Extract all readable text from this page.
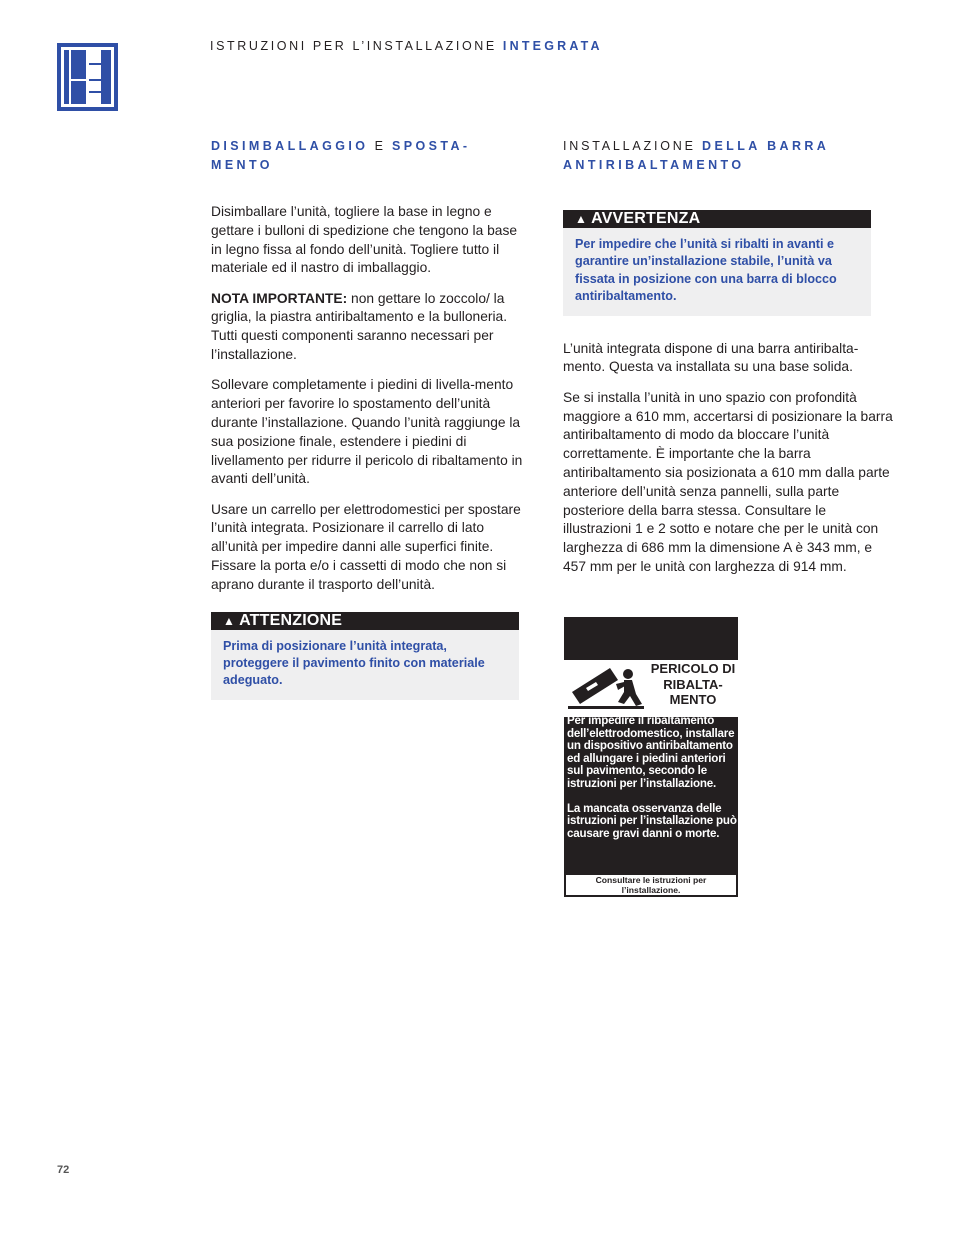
ISTRUZIONI PER L’INSTALLAZIONE INTEGRATA
DISIMBALLAGGIO E SPOSTA-
MENTO

Disimballare l’unità, togliere la base in legno e gettare i bulloni di spedizione che tengono la base in legno fissa al fondo dell’unità. Togliere tutto il materiale ed il nastro di imballaggio.

NOTA IMPORTANTE: non gettare lo zoccolo/ la griglia, la piastra antiribaltamento e la bulloneria. Tutti questi componenti saranno necessari per l’installazione.

Sollevare completamente i piedini di livella-mento anteriori per favorire lo spostamento dell’unità durante l’installazione. Quando l’unità raggiunge la sua posizione finale, estendere i piedini di livellamento per ridurre il pericolo di ribaltamento in avanti dell’unità.

Usare un carrello per elettrodomestici per spostare l’unità integrata. Posizionare il carrello di lato all’unità per impedire danni alle superfici finite. Fissare la porta e/o i cassetti di modo che non si aprano durante il trasporto dell’unità.

▲ ATTENZIONE
Prima di posizionare l’unità integrata, proteggere il pavimento finito con materiale adeguato.
INSTALLAZIONE DELLA BARRA
ANTIRIBALTAMENTO
▲ AVVERTENZA
Per impedire che l’unità si ribalti in avanti e garantire un’installazione stabile, l’unità va fissata in posizione con una barra di blocco antiribaltamento.

L’unità integrata dispone di una barra antiribalta-mento. Questa va installata su una base solida.

Se si installa l’unità in uno spazio con profondità maggiore a 610 mm, accertarsi di posizionare la barra antiribaltamento di modo da bloccare l’unità correttamente. È importante che la barra antiribaltamento sia posizionata a 610 mm dalla parte anteriore dell’unità senza pannelli, sulla parte posteriore della barra stessa. Consultare le illustrazioni 1 e 2 sotto e notare che per le unità con larghezza di 686 mm la dimensione A è 343 mm, e 457 mm per le unità con larghezza di 914 mm.

PERICOLO DI RIBALTA- MENTO

Per impedire il ribaltamento dell’elettrodomestico, installare un dispositivo antiribaltamento ed allungare i piedini anteriori sul pavimento, secondo le istruzioni per l’installazione.

La mancata osservanza delle istruzioni per l’installazione può causare gravi danni o morte.

Consultare le istruzioni per l’installazione.
72
